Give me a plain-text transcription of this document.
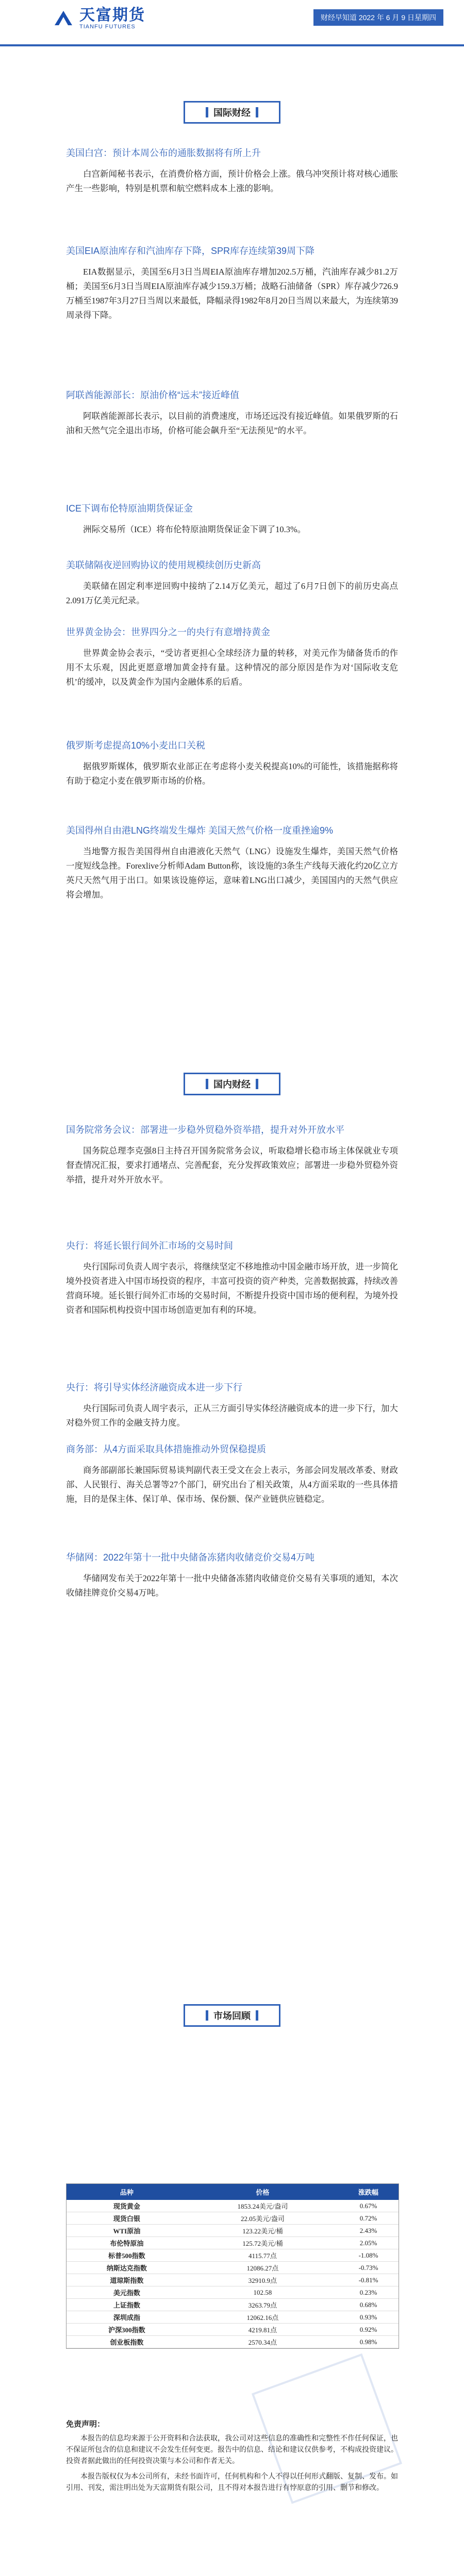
天富期货
TIANFU FUTURES
财经早知道 2022 年 6 月 9 日星期四
国际财经
美国白宫：预计本周公布的通胀数据将有所上升

白宫新闻秘书表示，在消费价格方面，预计价格会上涨。俄乌冲突预计将对核心通胀产生一些影响，特别是机票和航空燃料成本上涨的影响。

美国EIA原油库存和汽油库存下降，SPR库存连续第39周下降

EIA数据显示，美国至6月3日当周EIA原油库存增加202.5万桶，汽油库存减少81.2万桶；美国至6月3日当周EIA原油库存减少159.3万桶；战略石油储备（SPR）库存减少726.9万桶至1987年3月27日当周以来最低，降幅录得1982年8月20日当周以来最大，为连续第39周录得下降。

阿联酋能源部长：原油价格“远未”接近峰值

阿联酋能源部长表示，以目前的消费速度，市场还远没有接近峰值。如果俄罗斯的石油和天然气完全退出市场，价格可能会飙升至“无法预见”的水平。

ICE下调布伦特原油期货保证金

洲际交易所（ICE）将布伦特原油期货保证金下调了10.3%。

美联储隔夜逆回购协议的使用规模续创历史新高

美联储在固定利率逆回购中接纳了2.14万亿美元，超过了6月7日创下的前历史高点2.091万亿美元纪录。

世界黄金协会：世界四分之一的央行有意增持黄金

世界黄金协会表示，“受访者更担心全球经济力量的转移，对美元作为储备货币的作用不太乐观，因此更愿意增加黄金持有量。这种情况的部分原因是作为对‘国际收支危机’的缓冲，以及黄金作为国内金融体系的后盾。

俄罗斯考虑提高10%小麦出口关税

据俄罗斯媒体，俄罗斯农业部正在考虑将小麦关税提高10%的可能性，该措施据称将有助于稳定小麦在俄罗斯市场的价格。

美国得州自由港LNG终端发生爆炸 美国天然气价格一度重挫逾9%

当地警方报告美国得州自由港液化天然气（LNG）设施发生爆炸，美国天然气价格一度短线急挫。Forexlive分析师Adam Button称，该设施的3条生产线每天液化约20亿立方英尺天然气用于出口。如果该设施停运，意味着LNG出口减少，美国国内的天然气供应将会增加。

国内财经
国务院常务会议：部署进一步稳外贸稳外资举措，提升对外开放水平

国务院总理李克强8日主持召开国务院常务会议，听取稳增长稳市场主体保就业专项督查情况汇报，要求打通堵点、完善配套，充分发挥政策效应；部署进一步稳外贸稳外资举措，提升对外开放水平。

央行：将延长银行间外汇市场的交易时间

央行国际司负责人周宇表示，将继续坚定不移地推动中国金融市场开放，进一步简化境外投资者进入中国市场投资的程序，丰富可投资的资产种类，完善数据披露，持续改善营商环境。延长银行间外汇市场的交易时间，不断提升投资中国市场的便利程，为境外投资者和国际机构投资中国市场创造更加有利的环境。

央行：将引导实体经济融资成本进一步下行

央行国际司负责人周宇表示，正从三方面引导实体经济融资成本的进一步下行，加大对稳外贸工作的金融支持力度。

商务部：从4方面采取具体措施推动外贸保稳提质

商务部副部长兼国际贸易谈判副代表王受文在会上表示，务部会同发展改革委、财政部、人民银行、海关总署等27个部门，研究出台了相关政策，从4方面采取的一些具体措施，目的是保主体、保订单、保市场、保份额、保产业链供应链稳定。

华储网：2022年第十一批中央储备冻猪肉收储竞价交易4万吨

华储网发布关于2022年第十一批中央储备冻猪肉收储竞价交易有关事项的通知，本次收储挂牌竞价交易4万吨。

市场回顾
品种	价格	涨跌幅
现货黄金	1853.24美元/盎司	0.67%
现货白银	22.05美元/盎司	0.72%
WTI原油	123.22美元/桶	2.43%
布伦特原油	125.72美元/桶	2.05%
标普500指数	4115.77点	-1.08%
纳斯达克指数	12086.27点	-0.73%
道琼斯指数	32910.9点	-0.81%
美元指数	102.58	0.23%
上证指数	3263.79点	0.68%
深圳成指	12062.16点	0.93%
沪深300指数	4219.81点	0.92%
创业板指数	2570.34点	0.98%
免责声明：

本报告的信息均来源于公开资料和合法获取，我公司对这些信息的准确性和完整性不作任何保证，也不保证所包含的信息和建议不会发生任何变更。报告中的信息、结论和建议仅供参考，不构成投资建议。投资者据此做出的任何投资决策与本公司和作者无关。

本报告版权仅为本公司所有，未经书面许可，任何机构和个人不得以任何形式翻版、复制、发布。如引用、刊发，需注明出处为天富期货有限公司，且不得对本报告进行有悖原意的引用、删节和修改。
